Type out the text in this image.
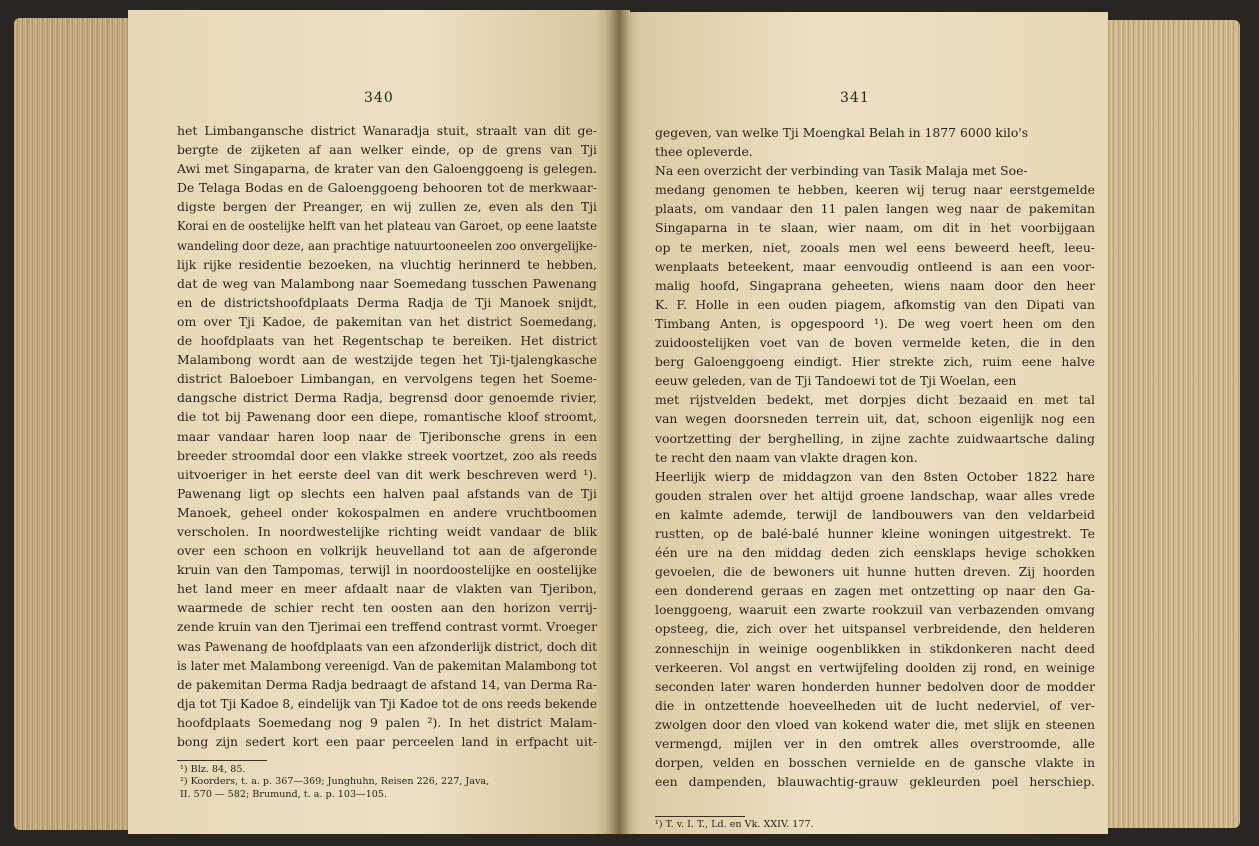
340	341

het Limbangansche district Wanaradja stuit, straalt van dit ge-

bergte de zijketen af aan welker einde, op de grens van Tji

Awi met Singaparna, de krater van den Galoenggoeng is gelegen.

De Telaga Bodas en de Galoenggoeng behooren tot de merkwaar-

digste bergen der Preanger, en wij zullen ze, even als den Tji

Korai en de oostelijke helft van het plateau van Garoet, op eene laatste

wandeling door deze, aan prachtige natuurtooneelen zoo onvergelijke-

lijk rijke residentie bezoeken, na vluchtig herinnerd te hebben,

dat de weg van Malambong naar Soemedang tusschen Pawenang

en de districtshoofdplaats Derma Radja de Tji Manoek snijdt,

om over Tji Kadoe, de pakemitan van het district Soemedang,

de hoofdplaats van het Regentschap te bereiken. Het district

Malambong wordt aan de westzijde tegen het Tji-tjalengkasche

district Baloeboer Limbangan, en vervolgens tegen het Soeme-

dangsche district Derma Radja, begrensd door genoemde rivier,

die tot bij Pawenang door een diepe, romantische kloof stroomt,

maar vandaar haren loop naar de Tjeribonsche grens in een

breeder stroomdal door een vlakke streek voortzet, zoo als reeds

uitvoeriger in het eerste deel van dit werk beschreven werd ¹).

Pawenang ligt op slechts een halven paal afstands van de Tji

Manoek, geheel onder kokospalmen en andere vruchtboomen

verscholen. In noordwestelijke richting weidt vandaar de blik

over een schoon en volkrijk heuvelland tot aan de afgeronde

kruin van den Tampomas, terwijl in noordoostelijke en oostelijke

het land meer en meer afdaalt naar de vlakten van Tjeribon,

waarmede de schier recht ten oosten aan den horizon verrij-

zende kruin van den Tjerimai een treffend contrast vormt. Vroeger

was Pawenang de hoofdplaats van een afzonderlijk district, doch dit

is later met Malambong vereenigd. Van de pakemitan Malambong tot

de pakemitan Derma Radja bedraagt de afstand 14, van Derma Ra-

dja tot Tji Kadoe 8, eindelijk van Tji Kadoe tot de ons reeds bekende

hoofdplaats Soemedang nog 9 palen ²). In het district Malam-

bong zijn sedert kort een paar perceelen land in erfpacht uit-

¹) Blz. 84, 85.

²) Koorders, t. a. p. 367—369; Junghuhn, Reisen 226, 227, Java,

II. 570 — 582; Brumund, t. a. p. 103—105.

gegeven, van welke Tji Moengkal Belah in 1877 6000 kilo's

thee opleverde.

Na een overzicht der verbinding van Tasik Malaja met Soe-

medang genomen te hebben, keeren wij terug naar eerstgemelde

plaats, om vandaar den 11 palen langen weg naar de pakemitan

Singaparna in te slaan, wier naam, om dit in het voorbijgaan

op te merken, niet, zooals men wel eens beweerd heeft, leeu-

wenplaats beteekent, maar eenvoudig ontleend is aan een voor-

malig hoofd, Singaprana geheeten, wiens naam door den heer

K. F. Holle in een ouden piagem, afkomstig van den Dipati van

Timbang Anten, is opgespoord ¹). De weg voert heen om den

zuidoostelijken voet van de boven vermelde keten, die in den

berg Galoenggoeng eindigt. Hier strekte zich, ruim eene halve

eeuw geleden, van de Tji Tandoewi tot de Tji Woelan, een

met rijstvelden bedekt, met dorpjes dicht bezaaid en met tal

van wegen doorsneden terrein uit, dat, schoon eigenlijk nog een

voortzetting der berghelling, in zijne zachte zuidwaartsche daling

te recht den naam van vlakte dragen kon.

Heerlijk wierp de middagzon van den 8sten October 1822 hare

gouden stralen over het altijd groene landschap, waar alles vrede

en kalmte ademde, terwijl de landbouwers van den veldarbeid

rustten, op de balé-balé hunner kleine woningen uitgestrekt. Te

één ure na den middag deden zich eensklaps hevige schokken

gevoelen, die de bewoners uit hunne hutten dreven. Zij hoorden

een donderend geraas en zagen met ontzetting op naar den Ga-

loenggoeng, waaruit een zwarte rookzuil van verbazenden omvang

opsteeg, die, zich over het uitspansel verbreidende, den helderen

zonneschijn in weinige oogenblikken in stikdonkeren nacht deed

verkeeren. Vol angst en vertwijfeling doolden zij rond, en weinige

seconden later waren honderden hunner bedolven door de modder

die in ontzettende hoeveelheden uit de lucht nederviel, of ver-

zwolgen door den vloed van kokend water die, met slijk en steenen

vermengd, mijlen ver in den omtrek alles overstroomde, alle

dorpen, velden en bosschen vernielde en de gansche vlakte in

een dampenden, blauwachtig-grauw gekleurden poel herschiep.

¹) T. v. I. T., Ld. en Vk. XXIV. 177.
